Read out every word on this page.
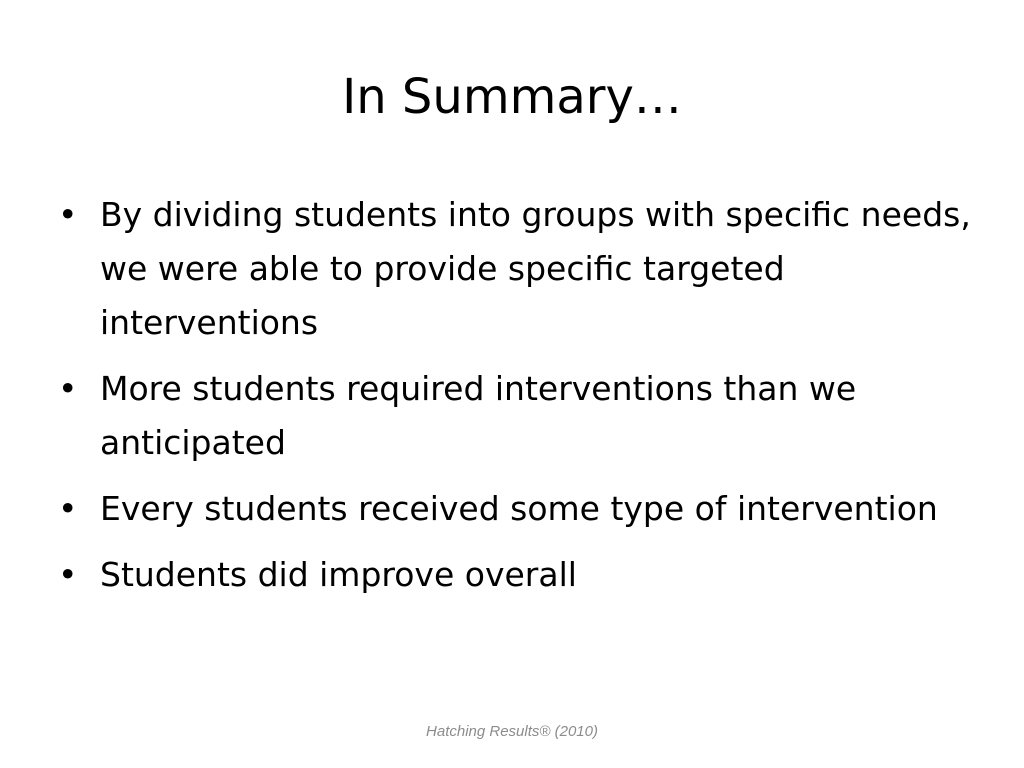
In Summary…
• By dividing students into groups with specific needs, we were able to provide specific targeted interventions
• More students required interventions than we anticipated
• Every students received some type of intervention
• Students did improve overall
Hatching Results® (2010)
